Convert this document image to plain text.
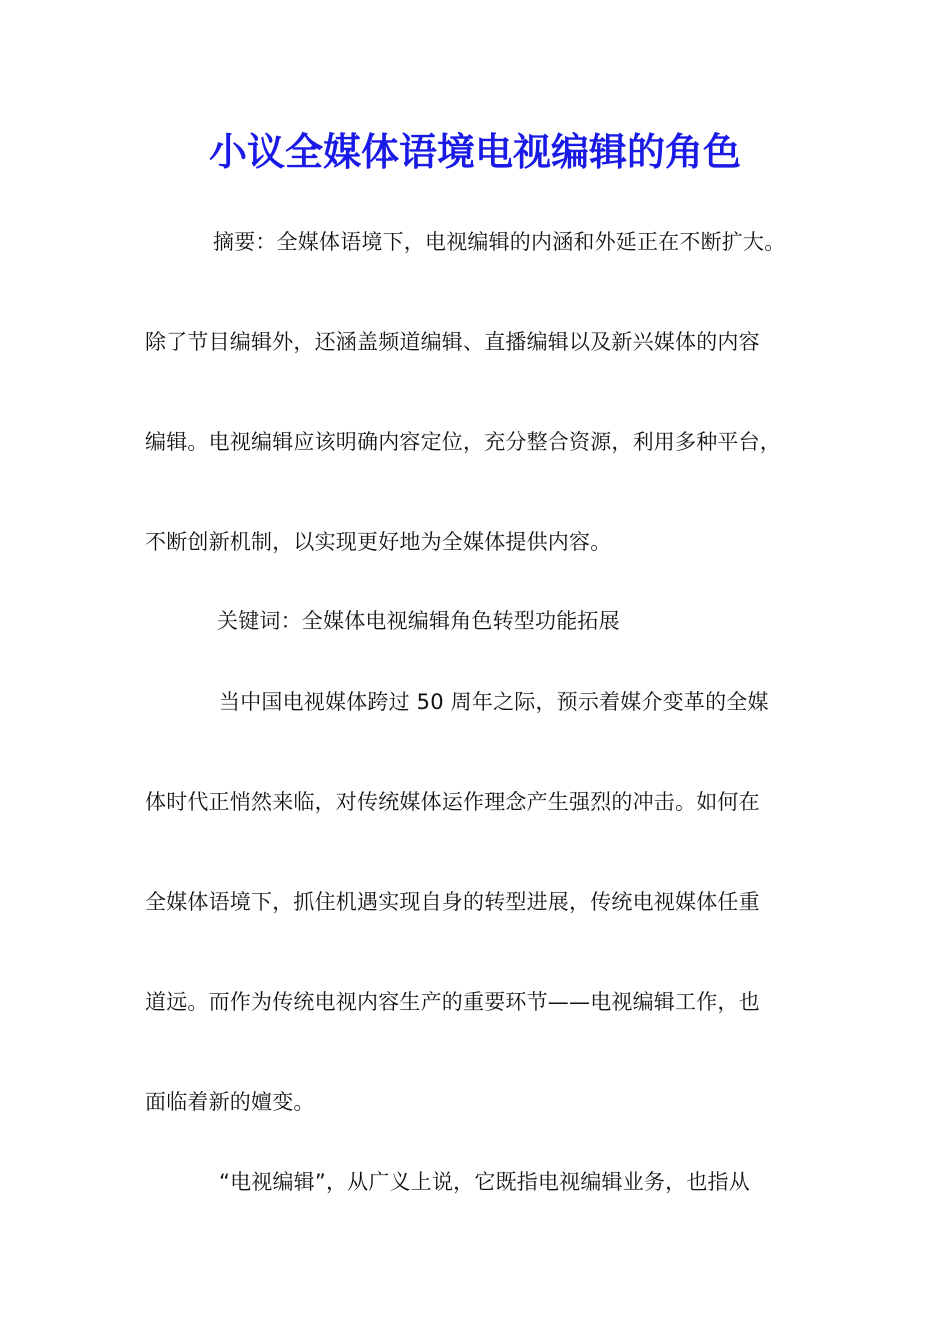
小议全媒体语境电视编辑的角色
摘要：全媒体语境下，电视编辑的内涵和外延正在不断扩大。
除了节目编辑外，还涵盖频道编辑、直播编辑以及新兴媒体的内容
编辑。电视编辑应该明确内容定位，充分整合资源，利用多种平台，
不断创新机制，以实现更好地为全媒体提供内容。
关键词：全媒体电视编辑角色转型功能拓展
当中国电视媒体跨过 50 周年之际，预示着媒介变革的全媒
体时代正悄然来临，对传统媒体运作理念产生强烈的冲击。如何在
全媒体语境下，抓住机遇实现自身的转型进展，传统电视媒体任重
道远。而作为传统电视内容生产的重要环节——电视编辑工作，也
面临着新的嬗变。
“电视编辑”，从广义上说，它既指电视编辑业务，也指从
